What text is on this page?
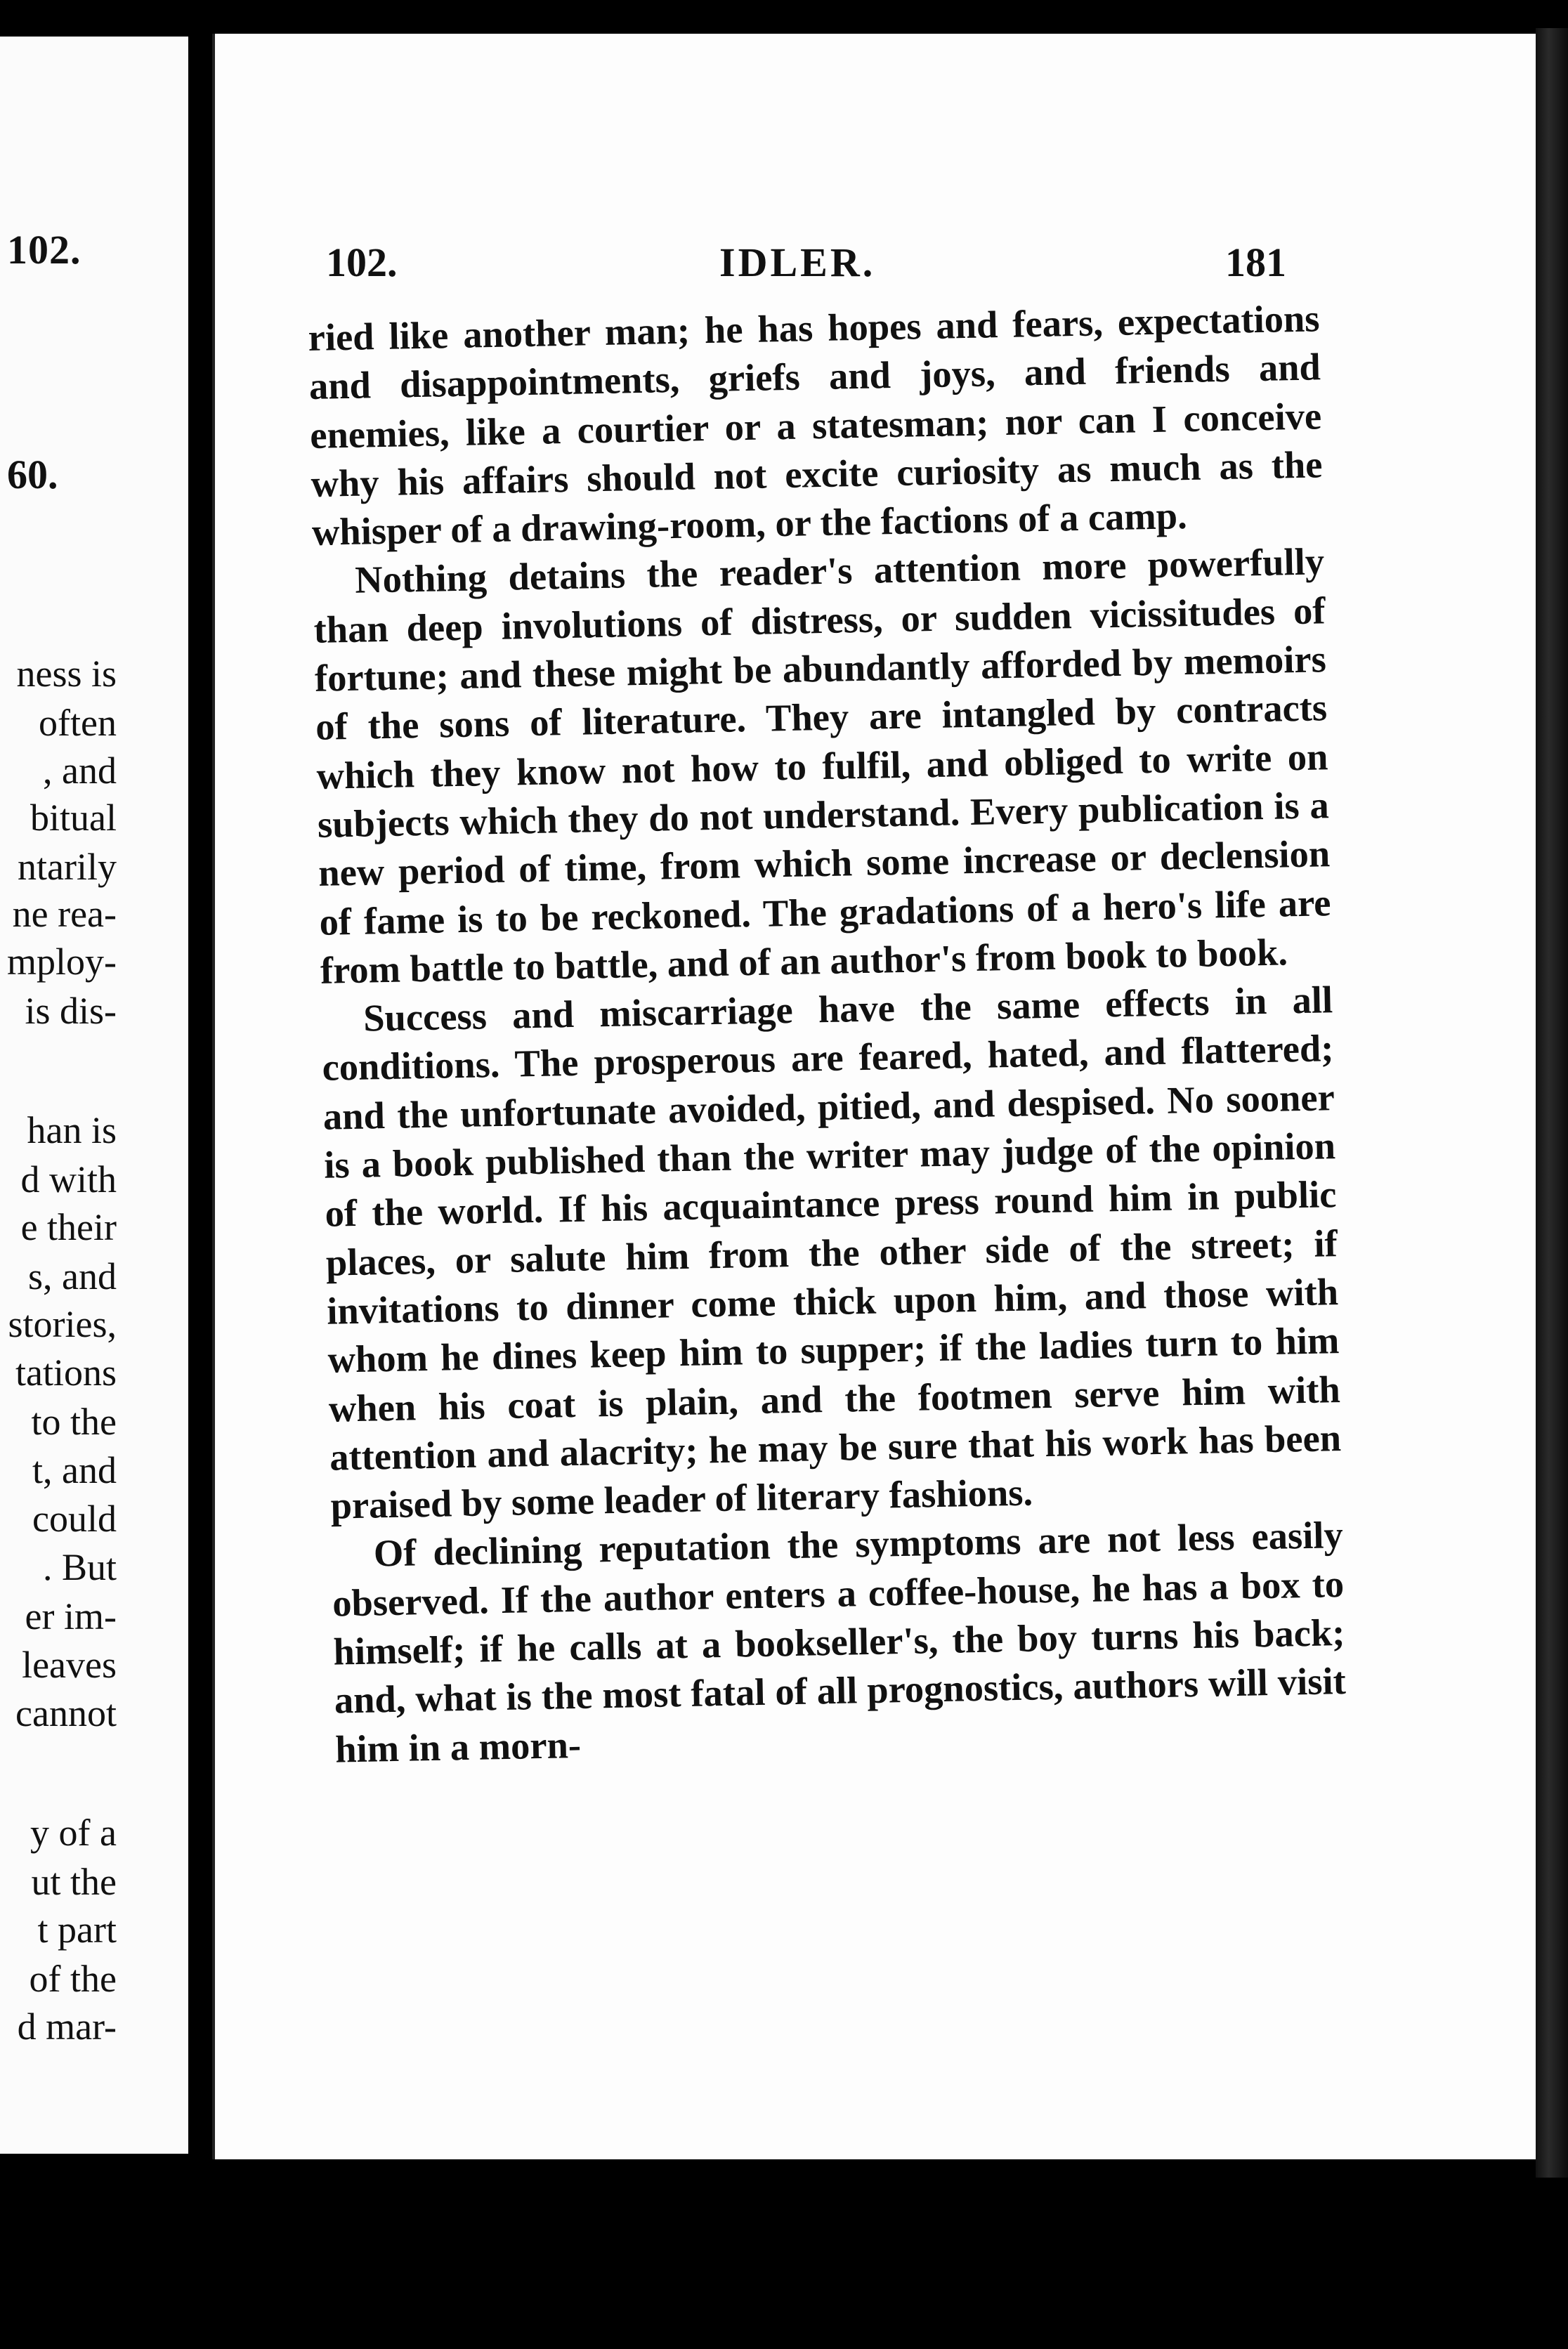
102.
60.
ness is
often
, and
bitual
ntarily
ne rea-
mploy-
is dis-
han is
d with
e their
s, and
stories,
tations
to the
t, and
could
. But
er im-
leaves
cannot
y of a
ut the
t part
of the
d mar-
102.	IDLER.	181

ried like another man; he has hopes and fears, expectations and disappointments, griefs and joys, and friends and enemies, like a courtier or a statesman; nor can I conceive why his affairs should not excite curiosity as much as the whisper of a drawing-room, or the factions of a camp.

Nothing detains the reader's attention more powerfully than deep involutions of distress, or sudden vicissitudes of fortune; and these might be abundantly afforded by memoirs of the sons of literature. They are intangled by contracts which they know not how to fulfil, and obliged to write on subjects which they do not understand. Every publication is a new period of time, from which some increase or declension of fame is to be reckoned. The gradations of a hero's life are from battle to battle, and of an author's from book to book.

Success and miscarriage have the same effects in all conditions. The prosperous are feared, hated, and flattered; and the unfortunate avoided, pitied, and despised. No sooner is a book published than the writer may judge of the opinion of the world. If his acquaintance press round him in public places, or salute him from the other side of the street; if invitations to dinner come thick upon him, and those with whom he dines keep him to supper; if the ladies turn to him when his coat is plain, and the footmen serve him with attention and alacrity; he may be sure that his work has been praised by some leader of literary fashions.

Of declining reputation the symptoms are not less easily observed. If the author enters a coffee-house, he has a box to himself; if he calls at a bookseller's, the boy turns his back; and, what is the most fatal of all prognostics, authors will visit him in a morn-
